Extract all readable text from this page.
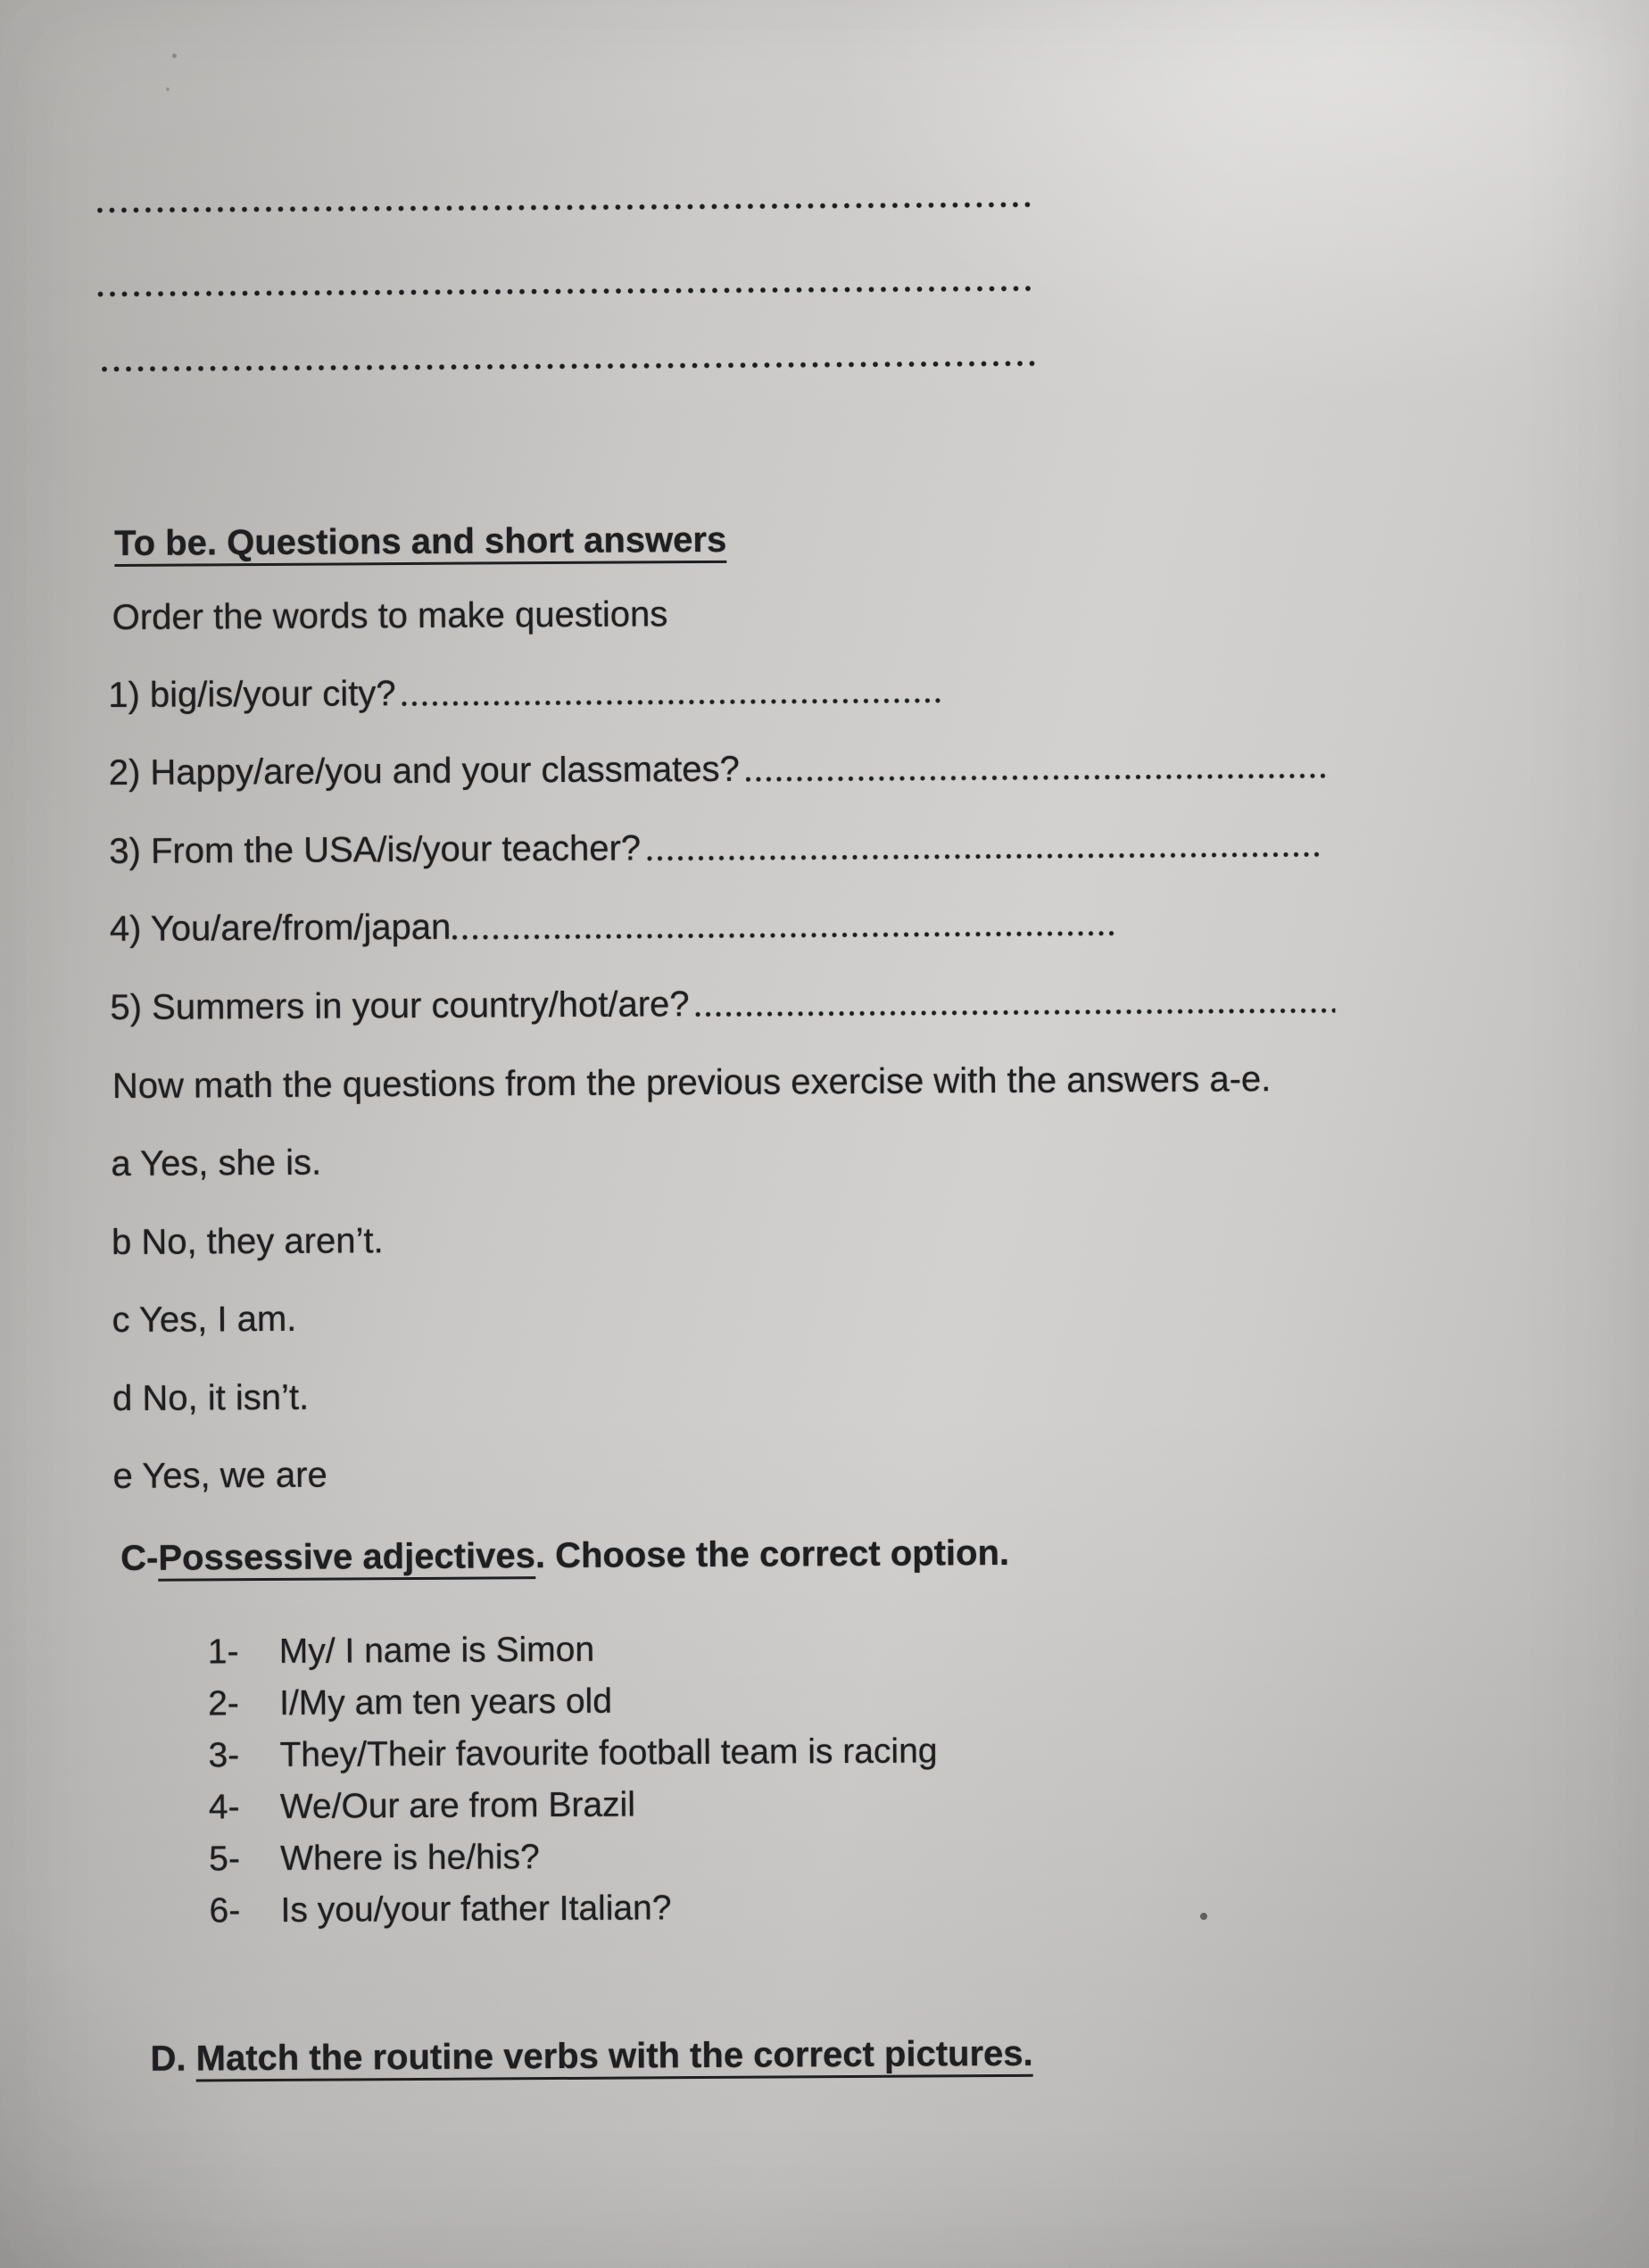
To be. Questions and short answers
Order the words to make questions
1) big/is/your city?
2) Happy/are/you and your classmates?
3) From the USA/is/your teacher?
4) You/are/from/japan
5) Summers in your country/hot/are?
Now math the questions from the previous exercise with the answers a-e.
a Yes, she is.
b No, they aren’t.
c Yes, I am.
d No, it isn’t.
e Yes, we are
C-Possessive adjectives. Choose the correct option.
1-	My/ I name is Simon
2-	I/My am ten years old
3-	They/Their favourite football team is racing
4-	We/Our are from Brazil
5-	Where is he/his?
6-	Is you/your father Italian?
D. Match the routine verbs with the correct pictures.
